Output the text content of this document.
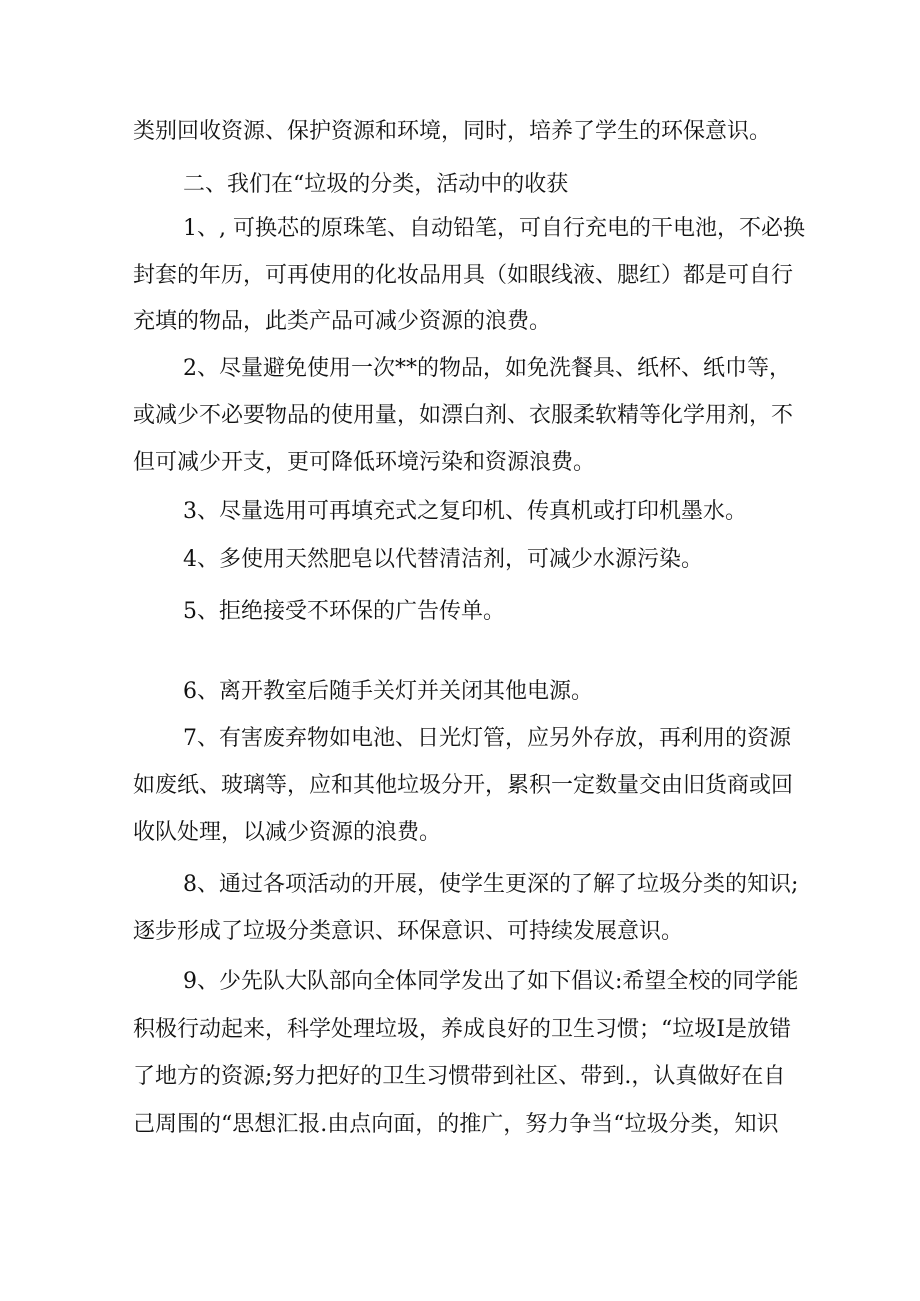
类别回收资源、保护资源和环境，同时，培养了学生的环保意识。
二、我们在“垃圾的分类，活动中的收获
1、, 可换芯的原珠笔、自动铅笔，可自行充电的干电池，不必换
封套的年历，可再使用的化妆品用具（如眼线液、腮红）都是可自行
充填的物品，此类产品可减少资源的浪费。
2、尽量避免使用一次**的物品，如免洗餐具、纸杯、纸巾等，
或减少不必要物品的使用量，如漂白剂、衣服柔软精等化学用剂，不
但可减少开支，更可降低环境污染和资源浪费。
3、尽量选用可再填充式之复印机、传真机或打印机墨水。
4、多使用天然肥皂以代替清洁剂，可减少水源污染。
5、拒绝接受不环保的广告传单。
6、离开教室后随手关灯并关闭其他电源。
7、有害废弃物如电池、日光灯管，应另外存放，再利用的资源
如废纸、玻璃等，应和其他垃圾分开，累积一定数量交由旧货商或回
收队处理，以减少资源的浪费。
8、通过各项活动的开展，使学生更深的了解了垃圾分类的知识;
逐步形成了垃圾分类意识、环保意识、可持续发展意识。
9、少先队大队部向全体同学发出了如下倡议:希望全校的同学能
积极行动起来，科学处理垃圾，养成良好的卫生习惯；“垃圾I是放错
了地方的资源;努力把好的卫生习惯带到社区、带到.，认真做好在自
己周围的“思想汇报.由点向面，的推广，努力争当“垃圾分类，知识
